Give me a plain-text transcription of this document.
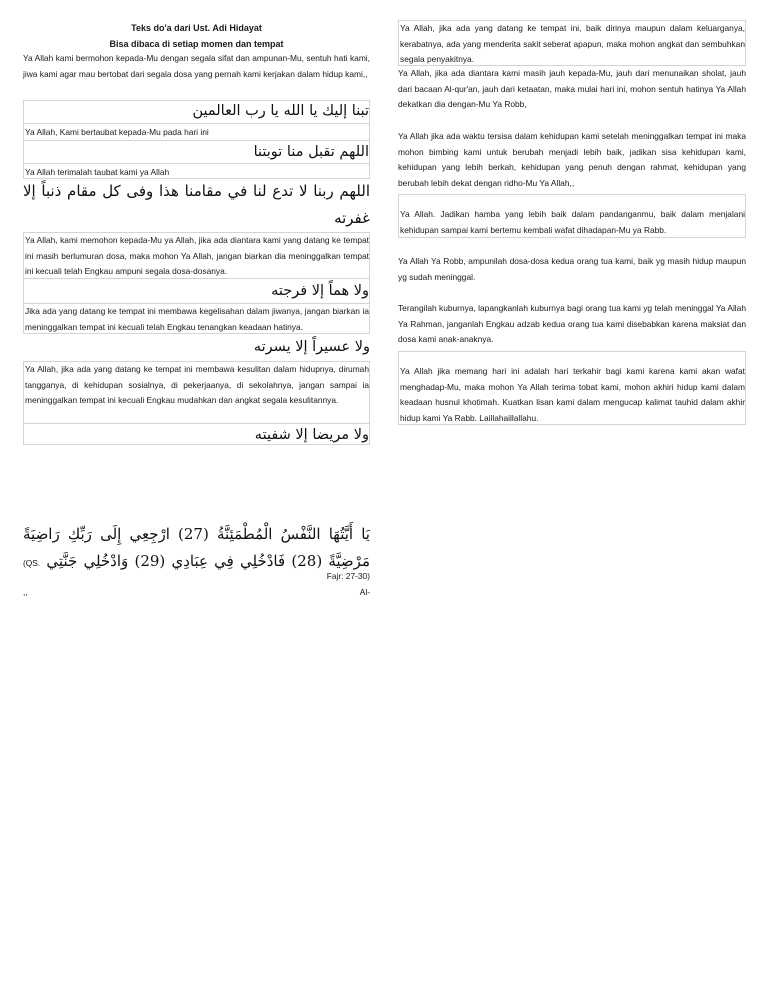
Teks do'a dari Ust. Adi Hidayat
Bisa dibaca di setiap momen dan tempat

Ya Allah kami bermohon kepada-Mu dengan segala sifat dan ampunan-Mu, sentuh hati kami, jiwa kami agar mau bertobat dari segala dosa yang pernah kami kerjakan dalam hidup kami,,

تبنا إليك يا الله يا رب العالمين

Ya Allah, Kami bertaubat kepada-Mu pada hari ini

اللهم تقبل منا توبتنا

Ya Allah terimalah taubat kami ya Allah

اللهم ربنا لا تدع لنا في مقامنا هذا وفى كل مقام ذنباً إلا غفرته

Ya Allah, kami memohon kepada-Mu ya Allah, jika ada diantara kami yang datang ke tempat ini masih berlumuran dosa, maka mohon Ya Allah, jangan biarkan dia meninggalkan tempat ini kecuali telah Engkau ampuni segala dosa-dosanya.

ولا هماً إلا فرجته

Jika ada yang datang ke tempat ini membawa kegelisahan dalam jiwanya, jangan biarkan ia meninggalkan tempat ini kecuali telah Engkau tenangkan keadaan hatinya.

ولا عسيراً إلا يسرته

Ya Allah, jika ada yang datang ke tempat ini membawa kesulitan dalam hidupnya, dirumah tangganya, di kehidupan sosialnya, di pekerjaanya, di sekolahnya, jangan sampai ia meninggalkan tempat ini kecuali Engkau mudahkan dan angkat segala kesulitannya.

ولا مريضا إلا شفيته

يَا أَيَّتُهَا النَّفْسُ الْمُطْمَئِنَّةُ (27) ارْجِعِي إِلَى رَبِّكِ رَاضِيَةً مَرْضِيَّةً (28) فَادْخُلِي فِي عِبَادِي (29) وَادْخُلِي جَنَّتِي (QS. Al-

Fajr: 27-30)
,,

Ya Allah, jika ada yang datang ke tempat ini, baik dirinya maupun dalam keluarganya, kerabatnya, ada yang menderita sakit seberat apapun, maka mohon angkat dan sembuhkan segala penyakitnya.

Ya Allah, jika ada diantara kami masih jauh kepada-Mu, jauh dari menunaikan sholat, jauh dari bacaan Al-qur'an, jauh dari ketaatan, maka mulai hari ini, mohon sentuh hatinya Ya Allah dekatkan dia dengan-Mu Ya Robb,

Ya Allah jika ada waktu tersisa dalam kehidupan kami setelah meninggalkan tempat ini maka mohon bimbing kami untuk berubah menjadi lebih baik, jadikan sisa kehidupan kami, kehidupan yang lebih berkah, kehidupan yang penuh dengan rahmat, kehidupan yang berubah lebih dekat dengan ridho-Mu Ya Allah,,

Ya Allah. Jadikan hamba yang lebih baik dalam pandanganmu, baik dalam menjalani kehidupan sampai kami bertemu kembali wafat dihadapan-Mu ya Rabb.

Ya Allah Ya Robb, ampunilah dosa-dosa kedua orang tua kami, baik yg masih hidup maupun yg sudah meninggal.

Terangilah kuburnya, lapangkanlah kuburnya bagi orang tua kami yg telah meninggal Ya Allah Ya Rahman, janganlah Engkau adzab kedua orang tua kami disebabkan karena maksiat dan dosa kami anak-anaknya.

Ya Allah jika memang hari ini adalah hari terkahir bagi kami karena kami akan wafat menghadap-Mu, maka mohon Ya Allah terima tobat kami, mohon akhiri hidup kami dalam keadaan husnul khotimah. Kuatkan lisan kami dalam mengucap kalimat tauhid dalam akhir hidup kami Ya Rabb. Laillahaillallahu.
